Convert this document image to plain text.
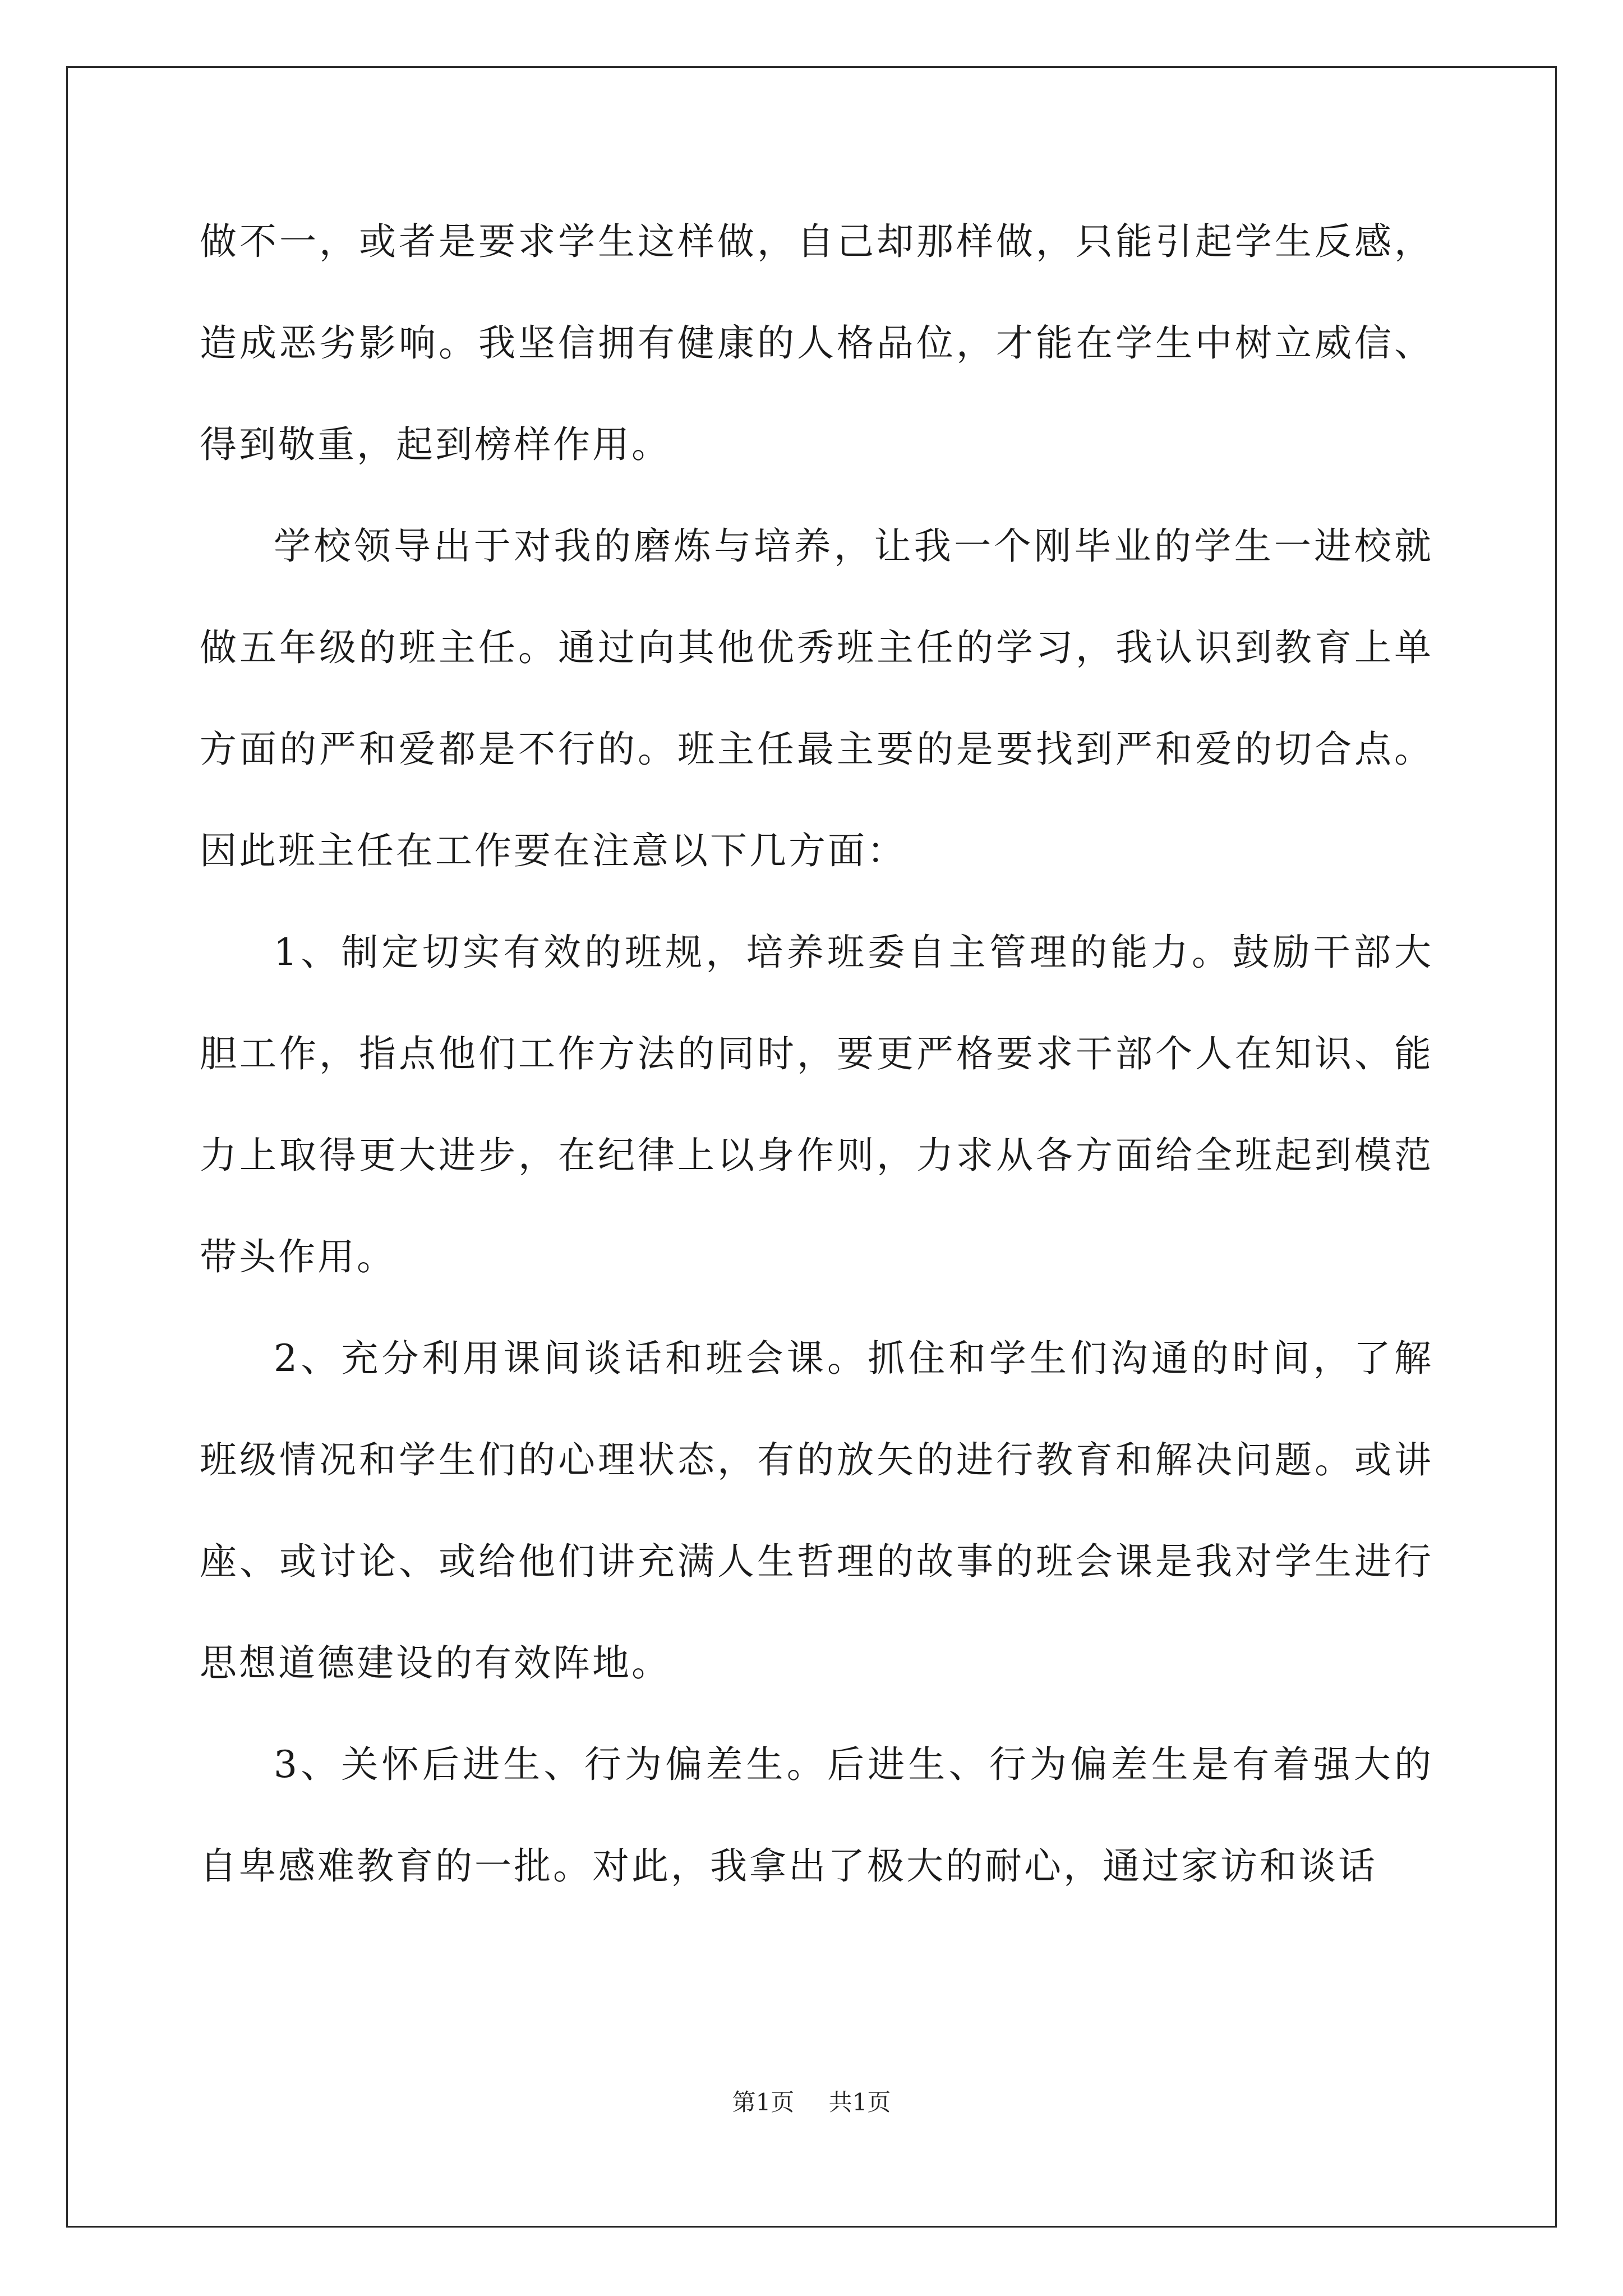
做不一，或者是要求学生这样做，自己却那样做，只能引起学生反感，造成恶劣影响。我坚信拥有健康的人格品位，才能在学生中树立威信、得到敬重，起到榜样作用。

学校领导出于对我的磨炼与培养，让我一个刚毕业的学生一进校就做五年级的班主任。通过向其他优秀班主任的学习，我认识到教育上单方面的严和爱都是不行的。班主任最主要的是要找到严和爱的切合点。因此班主任在工作要在注意以下几方面：

1、制定切实有效的班规，培养班委自主管理的能力。鼓励干部大胆工作，指点他们工作方法的同时，要更严格要求干部个人在知识、能力上取得更大进步，在纪律上以身作则，力求从各方面给全班起到模范带头作用。

2、充分利用课间谈话和班会课。抓住和学生们沟通的时间，了解班级情况和学生们的心理状态，有的放矢的进行教育和解决问题。或讲座、或讨论、或给他们讲充满人生哲理的故事的班会课是我对学生进行思想道德建设的有效阵地。

3、关怀后进生、行为偏差生。后进生、行为偏差生是有着强大的自卑感难教育的一批。对此，我拿出了极大的耐心，通过家访和谈话

第1页 共1页
